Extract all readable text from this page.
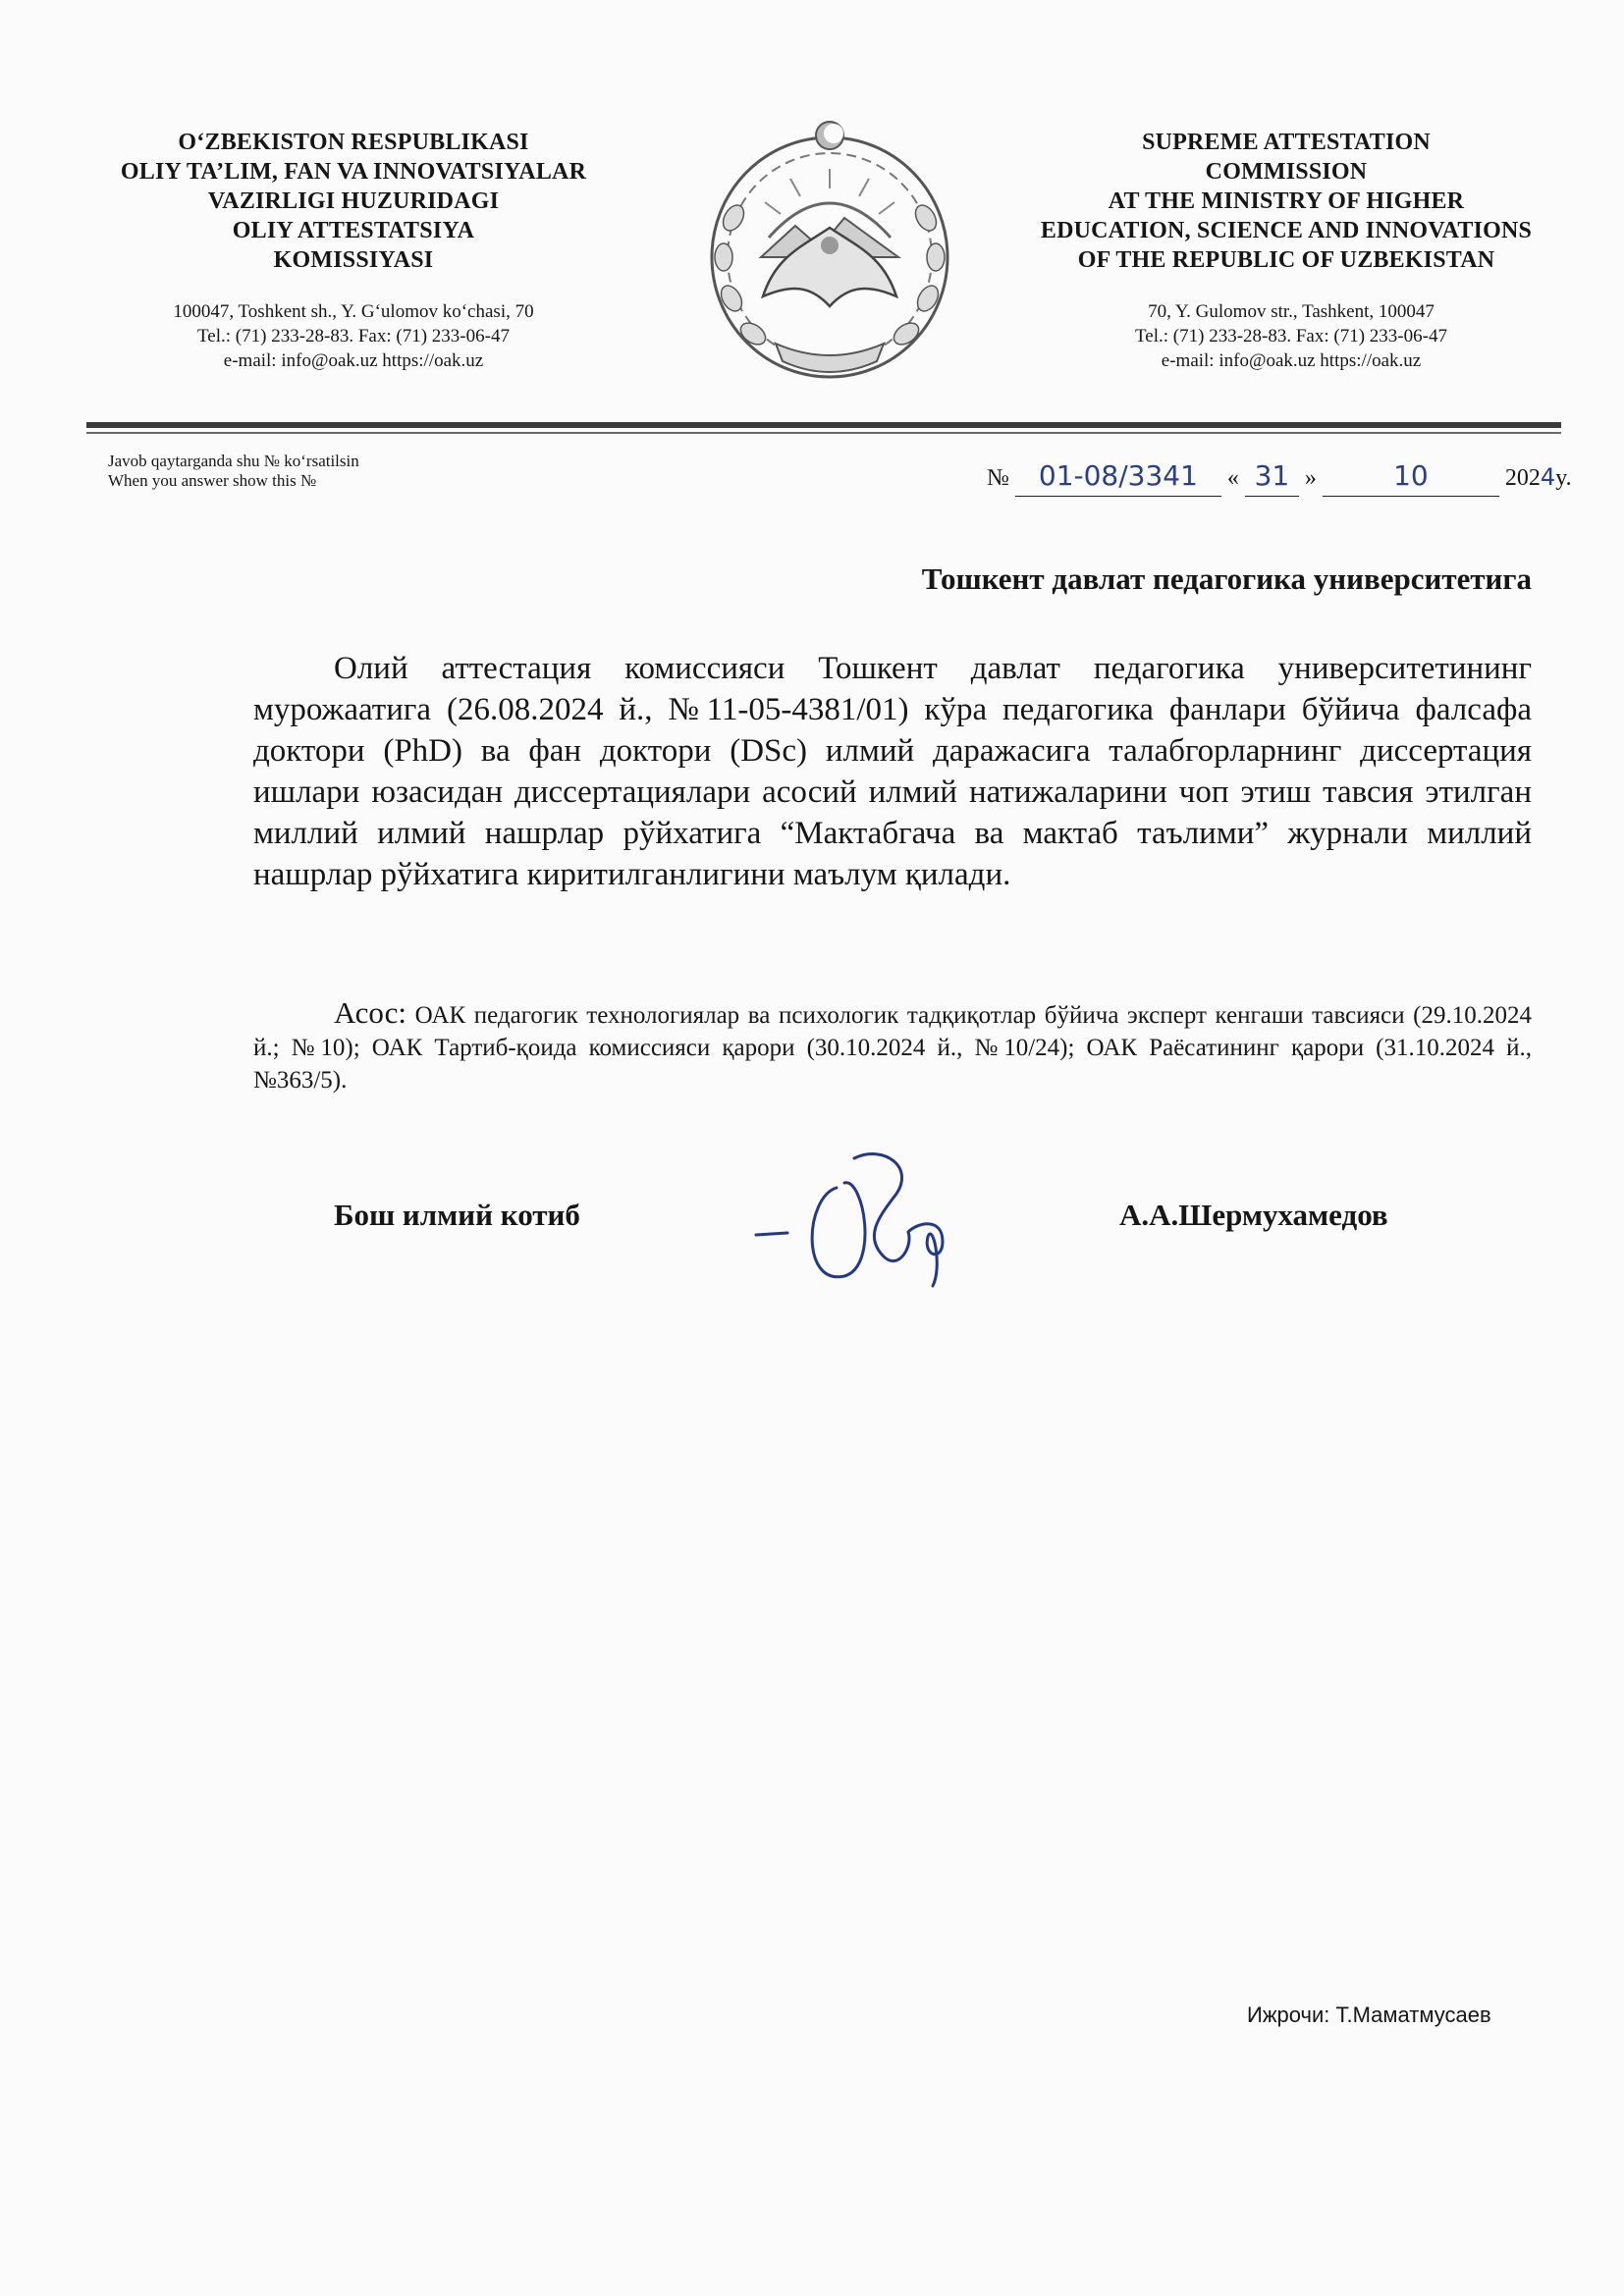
O‘ZBEKISTON RESPUBLIKASI
OLIY TA’LIM, FAN VA INNOVATSIYALAR
VAZIRLIGI HUZURIDAGI
OLIY ATTESTATSIYA
KOMISSIYASI
100047, Toshkent sh., Y. G‘ulomov ko‘chasi, 70
Tel.: (71) 233-28-83. Fax: (71) 233-06-47
e-mail: info@oak.uz https://oak.uz
SUPREME ATTESTATION
COMMISSION
AT THE MINISTRY OF HIGHER
EDUCATION, SCIENCE AND INNOVATIONS
OF THE REPUBLIC OF UZBEKISTAN
70, Y. Gulomov str., Tashkent, 100047
Tel.: (71) 233-28-83. Fax: (71) 233-06-47
e-mail: info@oak.uz https://oak.uz
Javob qaytarganda shu № ko‘rsatilsin
When you answer show this №	№ 01-08/3341 « 31 »	10	2024y.
Тошкент давлат педагогика университетига
Олий аттестация комиссияси Тошкент давлат педагогика университетининг мурожаатига (26.08.2024 й., №11-05-4381/01) кўра педагогика фанлари бўйича фалсафа доктори (PhD) ва фан доктори (DSc) илмий даражасига талабгорларнинг диссертация ишлари юзасидан диссертациялари асосий илмий натижаларини чоп этиш тавсия этилган миллий илмий нашрлар рўйхатига “Мактабгача ва мактаб таълими” журнали миллий нашрлар рўйхатига киритилганлигини маълум қилади.
Асос: ОАК педагогик технологиялар ва психологик тадқиқотлар бўйича эксперт кенгаши тавсияси (29.10.2024 й.; №10); ОАК Тартиб-қоида комиссияси қарори (30.10.2024 й., №10/24); ОАК Раёсатининг қарори (31.10.2024 й., №363/5).
Бош илмий котиб	А.А.Шермухамедов
Ижрочи: Т.Маматмусаев
